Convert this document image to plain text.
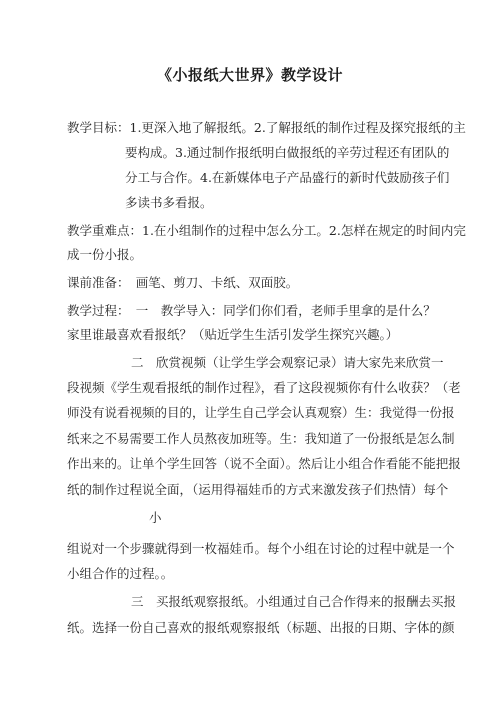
《小报纸大世界》教学设计
教学目标：1.更深入地了解报纸。2.了解报纸的制作过程及探究报纸的主
要构成。3.通过制作报纸明白做报纸的辛劳过程还有团队的
分工与合作。4.在新媒体电子产品盛行的新时代鼓励孩子们
多读书多看报。
教学重难点：1.在小组制作的过程中怎么分工。2.怎样在规定的时间内完
成一份小报。
课前准备：　画笔、剪刀、卡纸、双面胶。
教学过程：　一　教学导入：同学们你们看，老师手里拿的是什么？
家里谁最喜欢看报纸？（贴近学生生活引发学生探究兴趣。）
二　欣赏视频（让学生学会观察记录）请大家先来欣赏一
段视频《学生观看报纸的制作过程》，看了这段视频你有什么收获？（老
师没有说看视频的目的，让学生自己学会认真观察）生：我觉得一份报
纸来之不易需要工作人员熬夜加班等。生：我知道了一份报纸是怎么制
作出来的。让单个学生回答（说不全面）。然后让小组合作看能不能把报
纸的制作过程说全面，（运用得福娃币的方式来激发孩子们热情）每个
小
组说对一个步骤就得到一枚福娃币。每个小组在讨论的过程中就是一个
小组合作的过程。。
三　买报纸观察报纸。小组通过自己合作得来的报酬去买报
纸。选择一份自己喜欢的报纸观察报纸（标题、出报的日期、字体的颜
